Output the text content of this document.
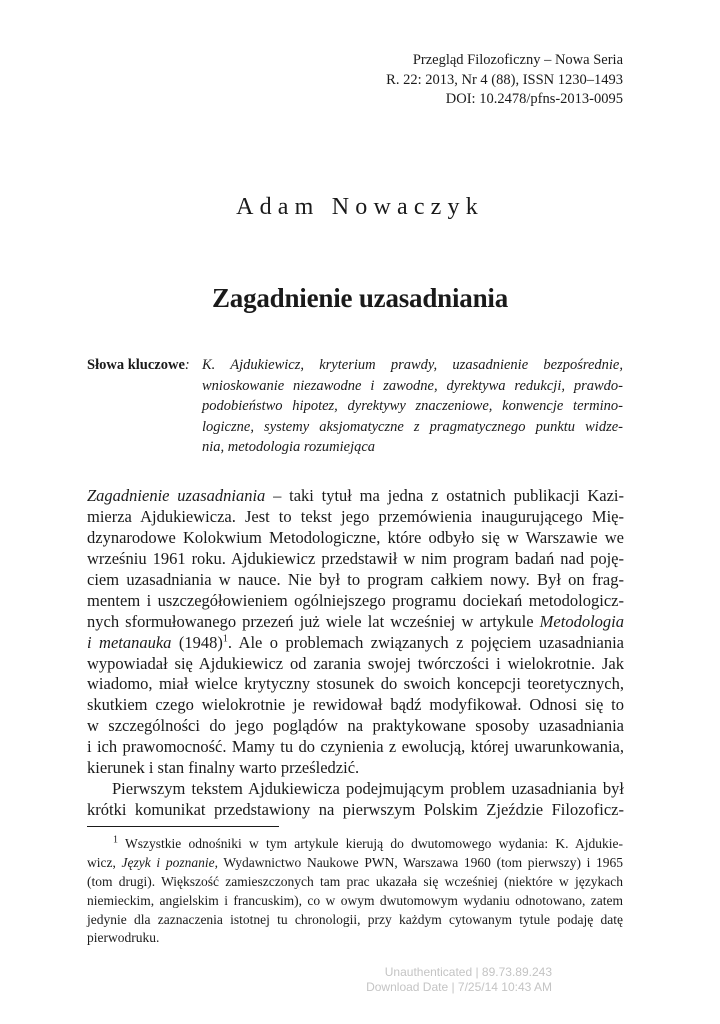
Przegląd Filozoficzny – Nowa Seria
R. 22: 2013, Nr 4 (88), ISSN 1230–1493
DOI: 10.2478/pfns-2013-0095
Adam Nowaczyk
Zagadnienie uzasadniania
Słowa kluczowe: K. Ajdukiewicz, kryterium prawdy, uzasadnienie bezpośrednie,
wnioskowanie niezawodne i zawodne, dyrektywa redukcji, prawdo-
podobieństwo hipotez, dyrektywy znaczeniowe, konwencje termino-
logiczne, systemy aksjomatyczne z pragmatycznego punktu widze-
nia, metodologia rozumiejąca
Zagadnienie uzasadniania – taki tytuł ma jedna z ostatnich publikacji Kazi-
mierza Ajdukiewicza. Jest to tekst jego przemówienia inaugurującego Mię-
dzynarodowe Kolokwium Metodologiczne, które odbyło się w Warszawie we
wrześniu 1961 roku. Ajdukiewicz przedstawił w nim program badań nad poję-
ciem uzasadniania w nauce. Nie był to program całkiem nowy. Był on frag-
mentem i uszczegółowieniem ogólniejszego programu dociekań metodologicz-
nych sformułowanego przezeń już wiele lat wcześniej w artykule Metodologia
i metanauka $(1948)^1$. Ale o problemach związanych z pojęciem uzasadniania
wypowiadał się Ajdukiewicz od zarania swojej twórczości i wielokrotnie. Jak
wiadomo, miał wielce krytyczny stosunek do swoich koncepcji teoretycznych,
skutkiem czego wielokrotnie je rewidował bądź modyfikował. Odnosi się to
w szczególności do jego poglądów na praktykowane sposoby uzasadniania
i ich prawomocność. Mamy tu do czynienia z ewolucją, której uwarunkowania,
kierunek i stan finalny warto prześledzić.
Pierwszym tekstem Ajdukiewicza podejmującym problem uzasadniania był
krótki komunikat przedstawiony na pierwszym Polskim Zjeździe Filozoficz-
$^1$ Wszystkie odnośniki w tym artykule kierują do dwutomowego wydania: K. Ajdukie-
wicz, Język i poznanie, Wydawnictwo Naukowe PWN, Warszawa 1960 (tom pierwszy) i 1965
(tom drugi). Większość zamieszczonych tam prac ukazała się wcześniej (niektóre w językach
niemieckim, angielskim i francuskim), co w owym dwutomowym wydaniu odnotowano, zatem
jedynie dla zaznaczenia istotnej tu chronologii, przy każdym cytowanym tytule podaję datę
pierwodruku.
Unauthenticated | 89.73.89.243
Download Date | 7/25/14 10:43 AM
